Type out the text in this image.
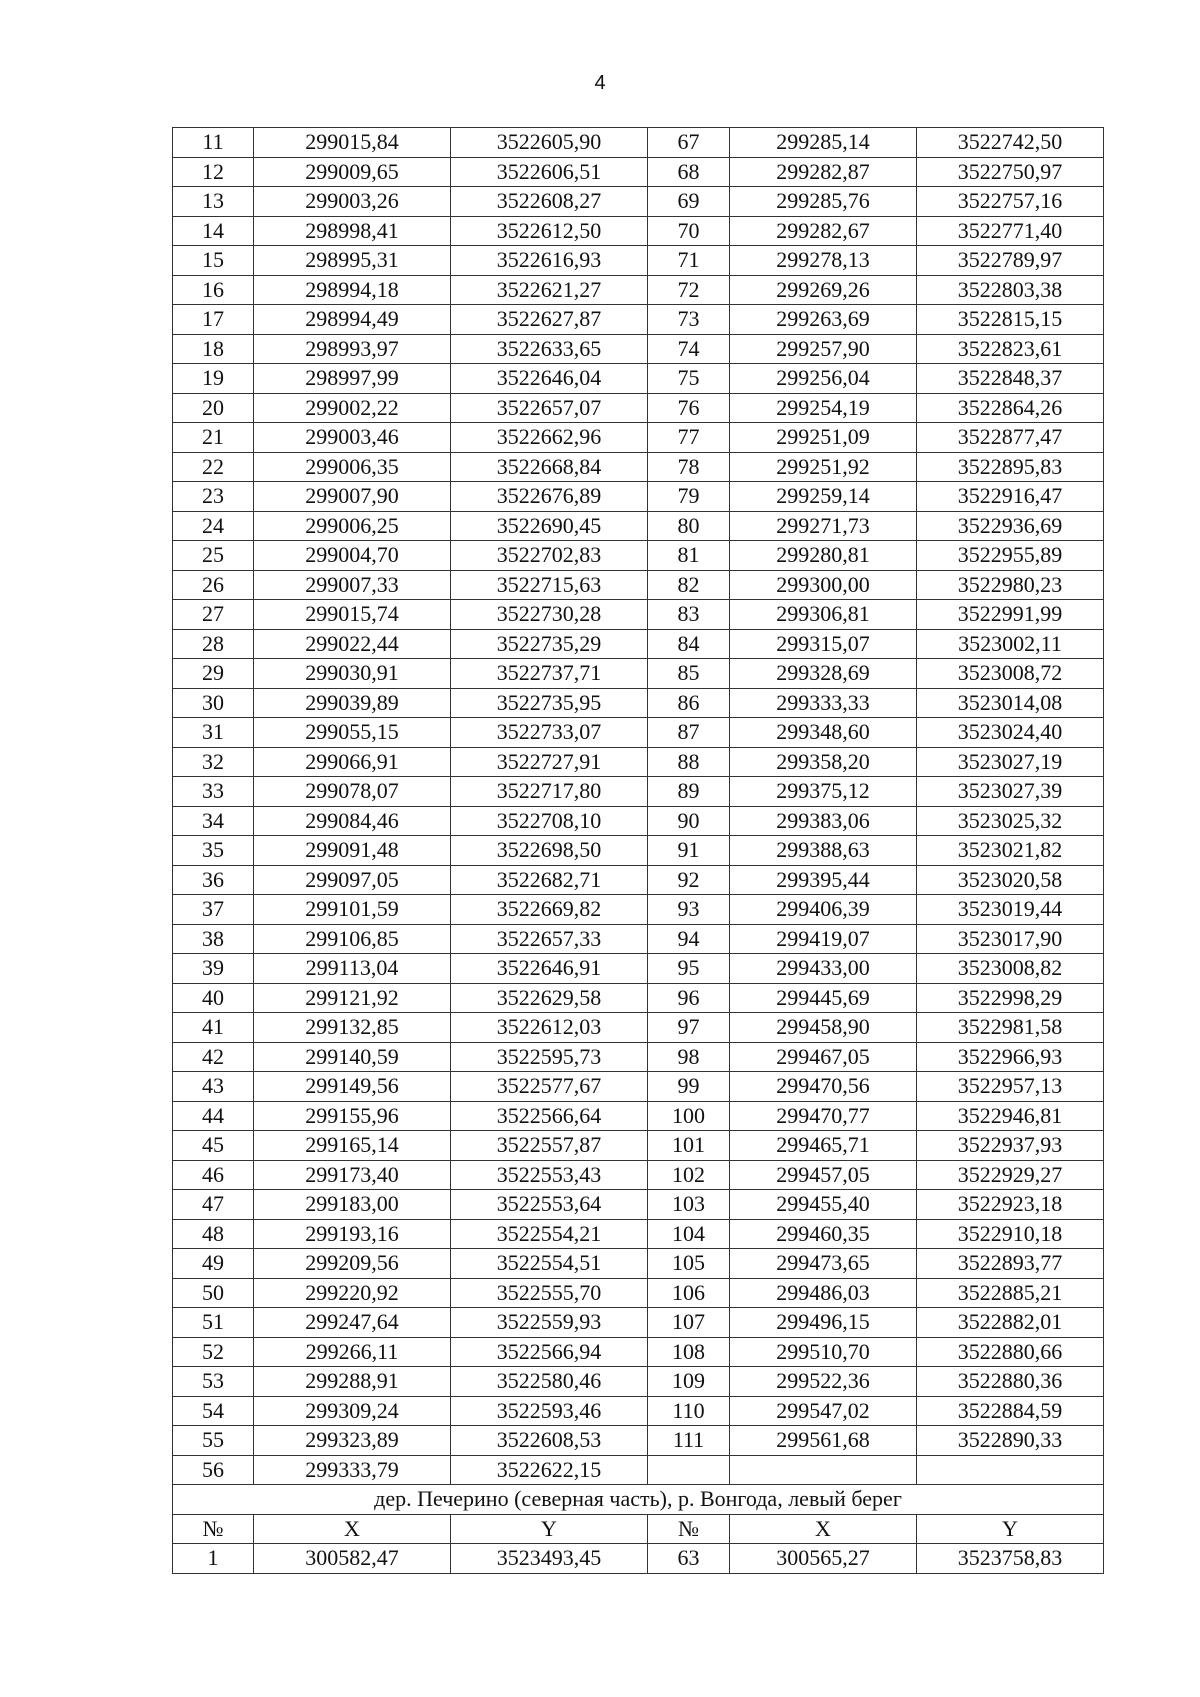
4
11	299015,84	3522605,90	67	299285,14	3522742,50
12	299009,65	3522606,51	68	299282,87	3522750,97
13	299003,26	3522608,27	69	299285,76	3522757,16
14	298998,41	3522612,50	70	299282,67	3522771,40
15	298995,31	3522616,93	71	299278,13	3522789,97
16	298994,18	3522621,27	72	299269,26	3522803,38
17	298994,49	3522627,87	73	299263,69	3522815,15
18	298993,97	3522633,65	74	299257,90	3522823,61
19	298997,99	3522646,04	75	299256,04	3522848,37
20	299002,22	3522657,07	76	299254,19	3522864,26
21	299003,46	3522662,96	77	299251,09	3522877,47
22	299006,35	3522668,84	78	299251,92	3522895,83
23	299007,90	3522676,89	79	299259,14	3522916,47
24	299006,25	3522690,45	80	299271,73	3522936,69
25	299004,70	3522702,83	81	299280,81	3522955,89
26	299007,33	3522715,63	82	299300,00	3522980,23
27	299015,74	3522730,28	83	299306,81	3522991,99
28	299022,44	3522735,29	84	299315,07	3523002,11
29	299030,91	3522737,71	85	299328,69	3523008,72
30	299039,89	3522735,95	86	299333,33	3523014,08
31	299055,15	3522733,07	87	299348,60	3523024,40
32	299066,91	3522727,91	88	299358,20	3523027,19
33	299078,07	3522717,80	89	299375,12	3523027,39
34	299084,46	3522708,10	90	299383,06	3523025,32
35	299091,48	3522698,50	91	299388,63	3523021,82
36	299097,05	3522682,71	92	299395,44	3523020,58
37	299101,59	3522669,82	93	299406,39	3523019,44
38	299106,85	3522657,33	94	299419,07	3523017,90
39	299113,04	3522646,91	95	299433,00	3523008,82
40	299121,92	3522629,58	96	299445,69	3522998,29
41	299132,85	3522612,03	97	299458,90	3522981,58
42	299140,59	3522595,73	98	299467,05	3522966,93
43	299149,56	3522577,67	99	299470,56	3522957,13
44	299155,96	3522566,64	100	299470,77	3522946,81
45	299165,14	3522557,87	101	299465,71	3522937,93
46	299173,40	3522553,43	102	299457,05	3522929,27
47	299183,00	3522553,64	103	299455,40	3522923,18
48	299193,16	3522554,21	104	299460,35	3522910,18
49	299209,56	3522554,51	105	299473,65	3522893,77
50	299220,92	3522555,70	106	299486,03	3522885,21
51	299247,64	3522559,93	107	299496,15	3522882,01
52	299266,11	3522566,94	108	299510,70	3522880,66
53	299288,91	3522580,46	109	299522,36	3522880,36
54	299309,24	3522593,46	110	299547,02	3522884,59
55	299323,89	3522608,53	111	299561,68	3522890,33
56	299333,79	3522622,15			
дер. Печерино (северная часть), р. Вонгода, левый берег					
№	X	Y	№	X	Y
1	300582,47	3523493,45	63	300565,27	3523758,83
